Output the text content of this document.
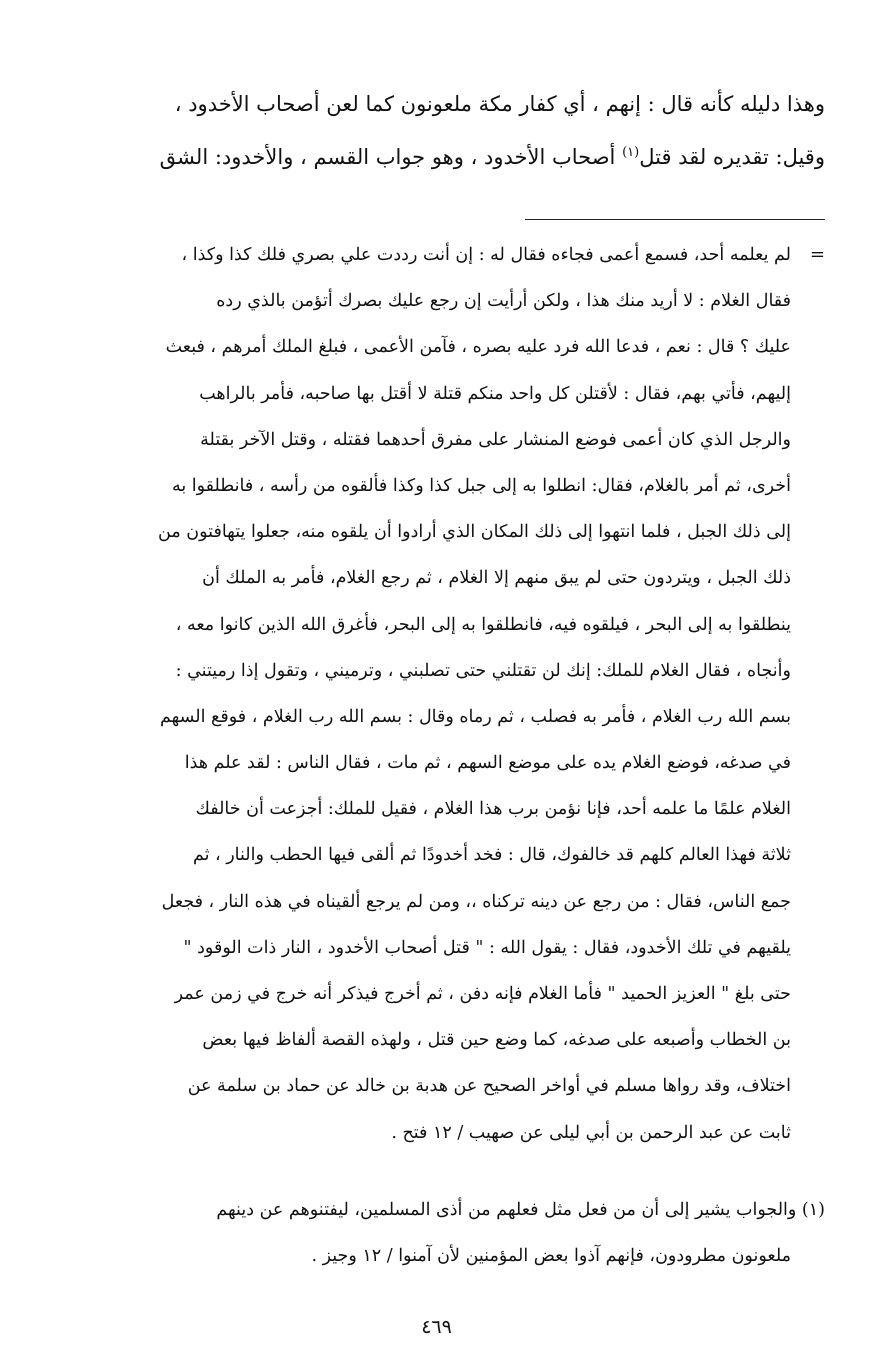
وهذا دليله كأنه قال : إنهم ، أي كفار مكة ملعونون كما لعن أصحاب الأخدود ،
وقيل: تقديره لقد قتل$^{(١)}$ أصحاب الأخدود ، وهو جواب القسم ، والأخدود: الشق
=
لم يعلمه أحد، فسمع أعمى فجاءه فقال له : إن أنت رددت علي بصري فلك كذا وكذا ،
فقال الغلام : لا أريد منك هذا ، ولكن أرأيت إن رجع عليك بصرك أتؤمن بالذي رده
عليك ؟ قال : نعم ، فدعا الله فرد عليه بصره ، فآمن الأعمى ، فبلغ الملك أمرهم ، فبعث
إليهم، فأتي بهم، فقال : لأقتلن كل واحد منكم قتلة لا أقتل بها صاحبه، فأمر بالراهب
والرجل الذي كان أعمى فوضع المنشار على مفرق أحدهما فقتله ، وقتل الآخر بقتلة
أخرى، ثم أمر بالغلام، فقال: انطلوا به إلى جبل كذا وكذا فألقوه من رأسه ، فانطلقوا به
إلى ذلك الجبل ، فلما انتهوا إلى ذلك المكان الذي أرادوا أن يلقوه منه، جعلوا يتهافتون من
ذلك الجبل ، ويتردون حتى لم يبق منهم إلا الغلام ، ثم رجع الغلام، فأمر به الملك أن
ينطلقوا به إلى البحر ، فيلقوه فيه، فانطلقوا به إلى البحر، فأغرق الله الذين كانوا معه ،
وأنجاه ، فقال الغلام للملك: إنك لن تقتلني حتى تصلبني ، وترميني ، وتقول إذا رميتني :
بسم الله رب الغلام ، فأمر به فصلب ، ثم رماه وقال : بسم الله رب الغلام ، فوقع السهم
في صدغه، فوضع الغلام يده على موضع السهم ، ثم مات ، فقال الناس : لقد علم هذا
الغلام علمًا ما علمه أحد، فإنا نؤمن برب هذا الغلام ، فقيل للملك: أجزعت أن خالفك
ثلاثة فهذا العالم كلهم قد خالفوك، قال : فخد أخدودًا ثم ألقى فيها الحطب والنار ، ثم
جمع الناس، فقال : من رجع عن دينه تركناه ،، ومن لم يرجع ألقيناه في هذه النار ، فجعل
يلقيهم في تلك الأخدود، فقال : يقول الله : " قتل أصحاب الأخدود ، النار ذات الوقود "
حتى بلغ " العزيز الحميد " فأما الغلام فإنه دفن ، ثم أخرج فيذكر أنه خرج في زمن عمر
بن الخطاب وأصبعه على صدغه، كما وضع حين قتل ، ولهذه القصة ألفاظ فيها بعض
اختلاف، وقد رواها مسلم في أواخر الصحيح عن هدبة بن خالد عن حماد بن سلمة عن
ثابت عن عبد الرحمن بن أبي ليلى عن صهيب / ١٢ فتح .
(١) والجواب يشير إلى أن من فعل مثل فعلهم من أذى المسلمين، ليفتنوهم عن دينهم
ملعونون مطرودون، فإنهم آذوا بعض المؤمنين لأن آمنوا / ١٢ وجيز .
٤٦٩
